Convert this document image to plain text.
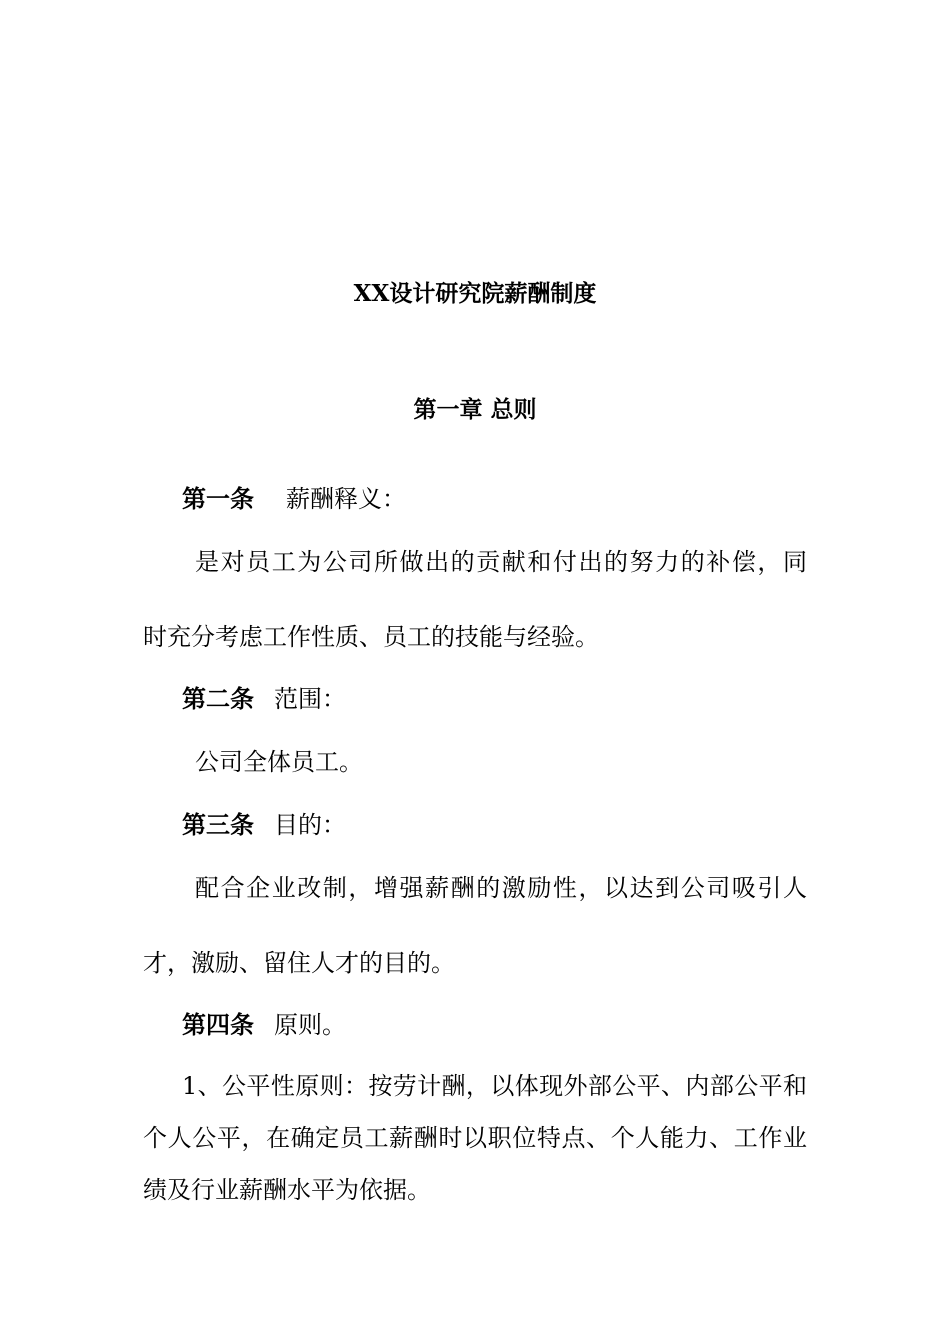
XX设计研究院薪酬制度
第一章 总则
第一条 薪酬释义：
是对员工为公司所做出的贡献和付出的努力的补偿，同
时充分考虑工作性质、员工的技能与经验。
第二条 范围：
公司全体员工。
第三条 目的：
配合企业改制，增强薪酬的激励性，以达到公司吸引人
才，激励、留住人才的目的。
第四条 原则。
1、公平性原则：按劳计酬，以体现外部公平、内部公平和
个人公平，在确定员工薪酬时以职位特点、个人能力、工作业
绩及行业薪酬水平为依据。
